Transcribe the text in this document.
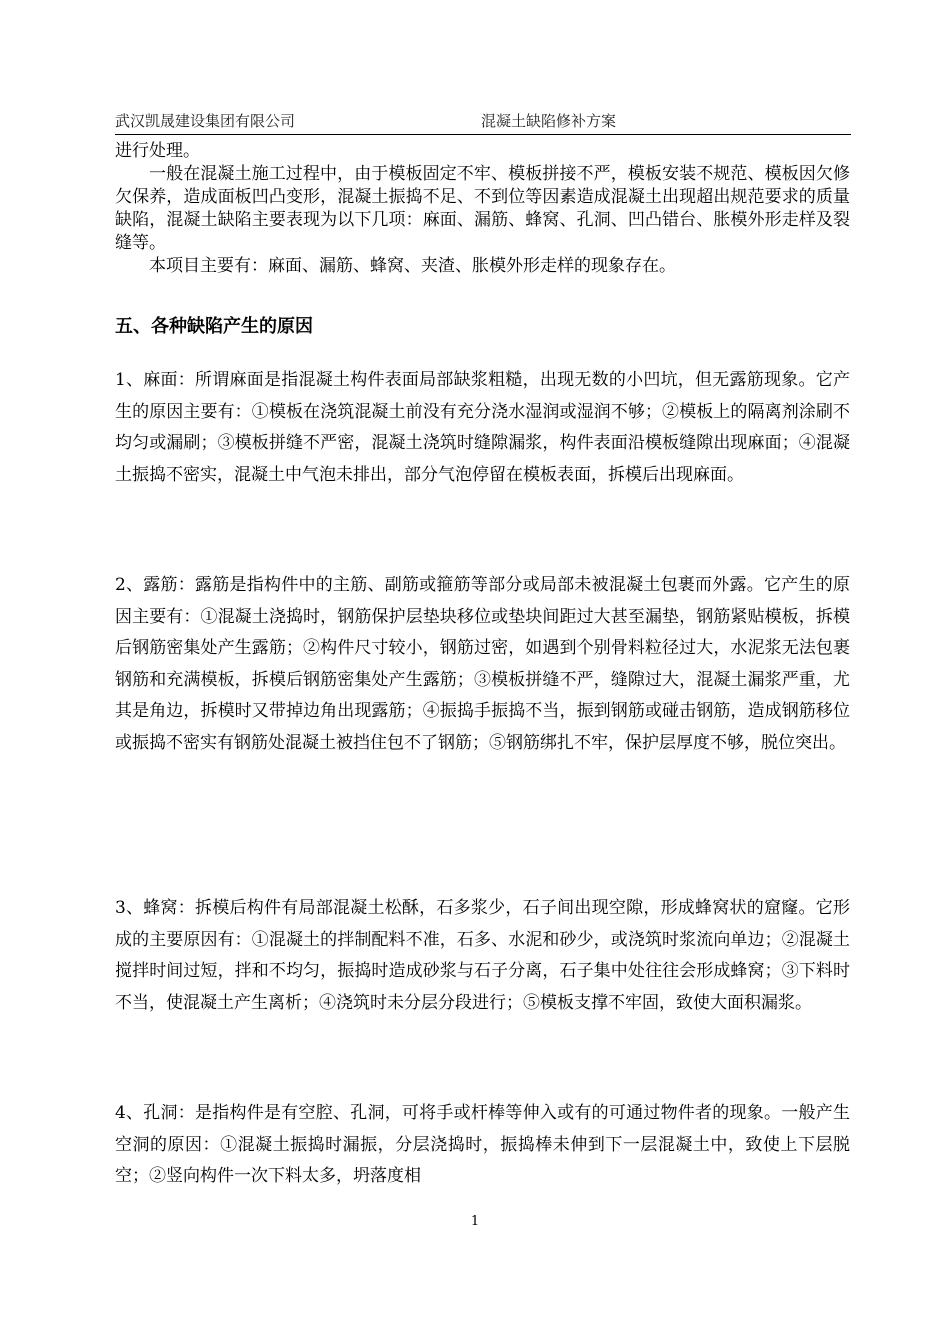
武汉凯晟建设集团有限公司	混凝土缺陷修补方案

进行处理。

一般在混凝土施工过程中，由于模板固定不牢、模板拼接不严，模板安装不规范、模板因欠修欠保养，造成面板凹凸变形，混凝土振捣不足、不到位等因素造成混凝土出现超出规范要求的质量缺陷，混凝土缺陷主要表现为以下几项：麻面、漏筋、蜂窝、孔洞、凹凸错台、胀模外形走样及裂缝等。

本项目主要有：麻面、漏筋、蜂窝、夹渣、胀模外形走样的现象存在。

五、各种缺陷产生的原因

1、麻面：所谓麻面是指混凝土构件表面局部缺浆粗糙，出现无数的小凹坑，但无露筋现象。它产生的原因主要有：①模板在浇筑混凝土前没有充分浇水湿润或湿润不够；②模板上的隔离剂涂刷不均匀或漏刷；③模板拼缝不严密，混凝土浇筑时缝隙漏浆，构件表面沿模板缝隙出现麻面；④混凝土振捣不密实，混凝土中气泡未排出，部分气泡停留在模板表面，拆模后出现麻面。

2、露筋：露筋是指构件中的主筋、副筋或箍筋等部分或局部未被混凝土包裹而外露。它产生的原因主要有：①混凝土浇捣时，钢筋保护层垫块移位或垫块间距过大甚至漏垫，钢筋紧贴模板，拆模后钢筋密集处产生露筋；②构件尺寸较小，钢筋过密，如遇到个别骨料粒径过大，水泥浆无法包裹钢筋和充满模板，拆模后钢筋密集处产生露筋；③模板拼缝不严，缝隙过大，混凝土漏浆严重，尤其是角边，拆模时又带掉边角出现露筋；④振捣手振捣不当，振到钢筋或碰击钢筋，造成钢筋移位或振捣不密实有钢筋处混凝土被挡住包不了钢筋；⑤钢筋绑扎不牢，保护层厚度不够，脱位突出。

3、蜂窝：拆模后构件有局部混凝土松酥，石多浆少，石子间出现空隙，形成蜂窝状的窟窿。它形成的主要原因有：①混凝土的拌制配料不准，石多、水泥和砂少，或浇筑时浆流向单边；②混凝土搅拌时间过短，拌和不均匀，振捣时造成砂浆与石子分离，石子集中处往往会形成蜂窝；③下料时不当，使混凝土产生离析；④浇筑时未分层分段进行；⑤模板支撑不牢固，致使大面积漏浆。

4、孔洞：是指构件是有空腔、孔洞，可将手或杆棒等伸入或有的可通过物件者的现象。一般产生空洞的原因：①混凝土振捣时漏振，分层浇捣时，振捣棒未伸到下一层混凝土中，致使上下层脱空；②竖向构件一次下料太多，坍落度相

1
